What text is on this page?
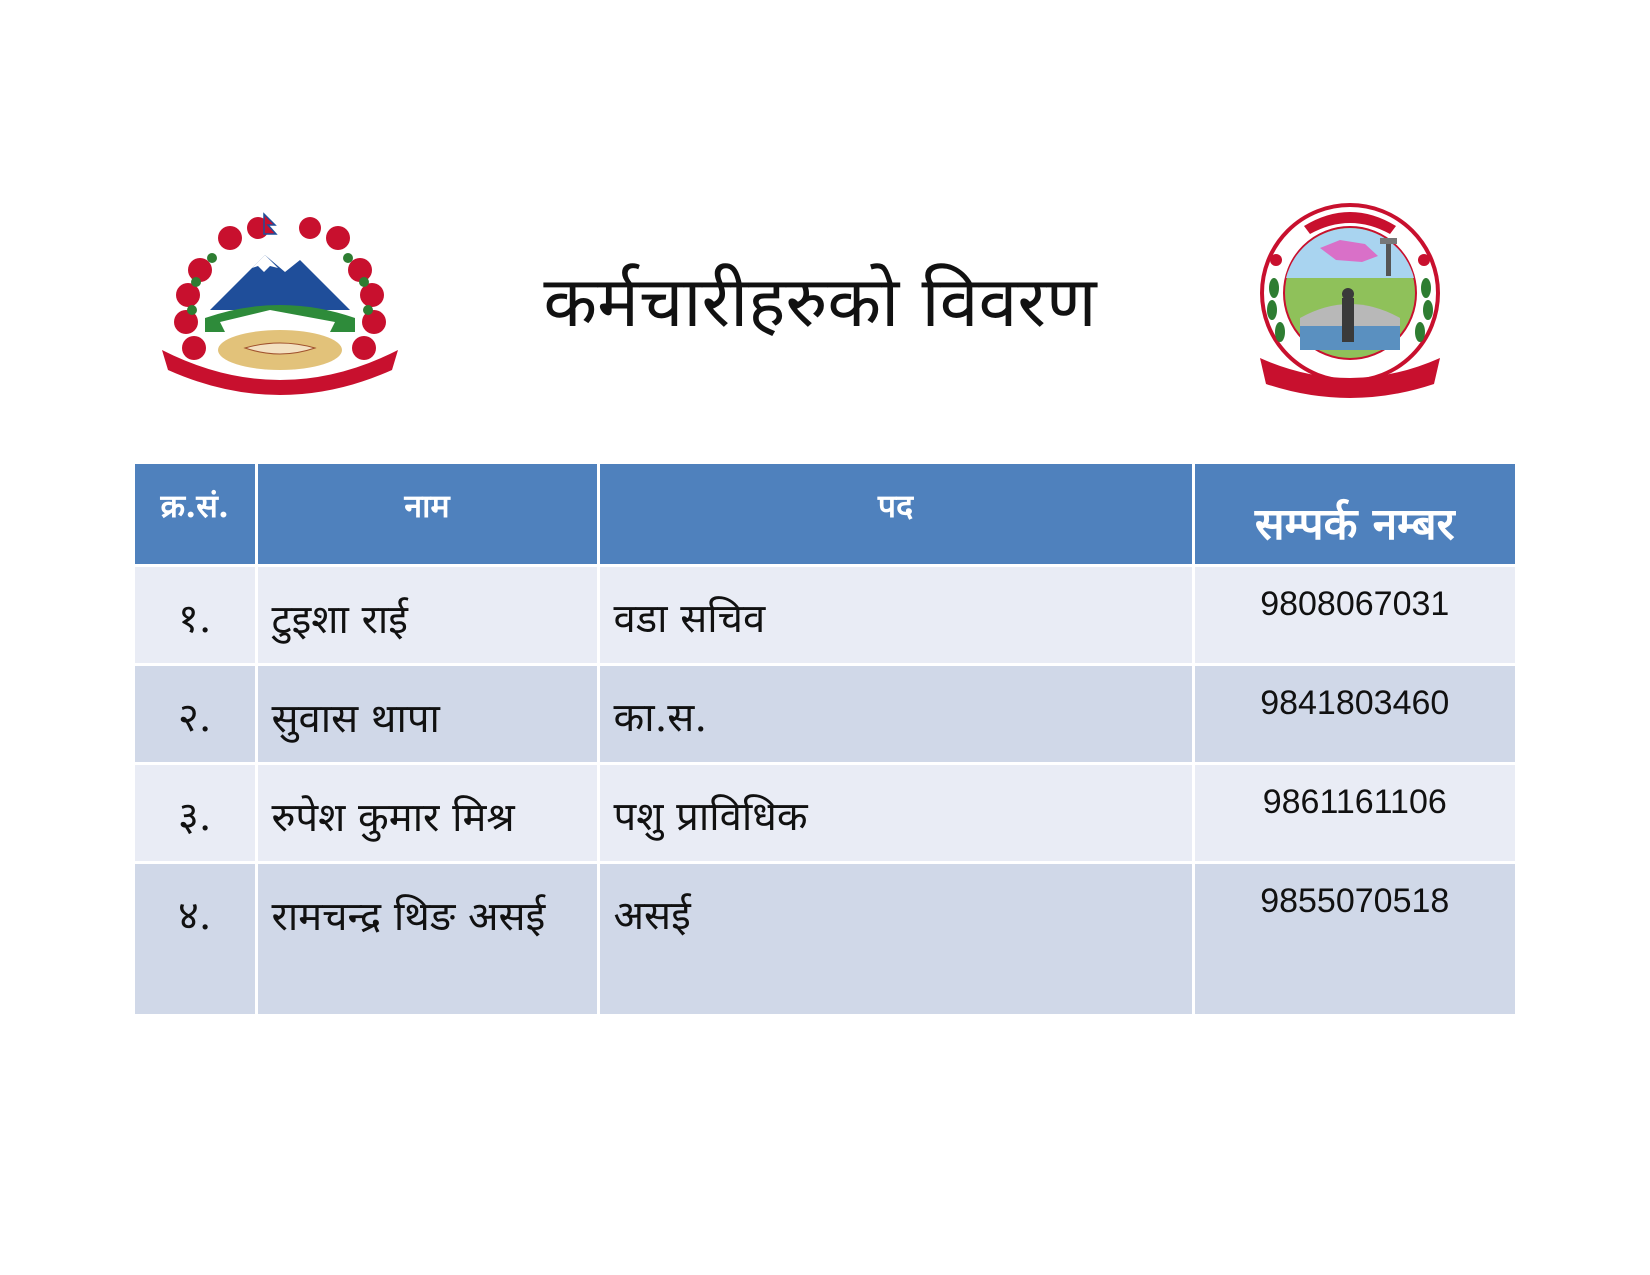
कर्मचारीहरुको विवरण
क्र.सं.	नाम	पद	सम्पर्क नम्बर

१.	टुइशा राई	वडा सचिव	9808067031

२.	सुवास थापा	का.स.	9841803460

३.	रुपेश कुमार मिश्र	पशु प्राविधिक	9861161106

४.	रामचन्द्र थिङ असई	असई	9855070518
